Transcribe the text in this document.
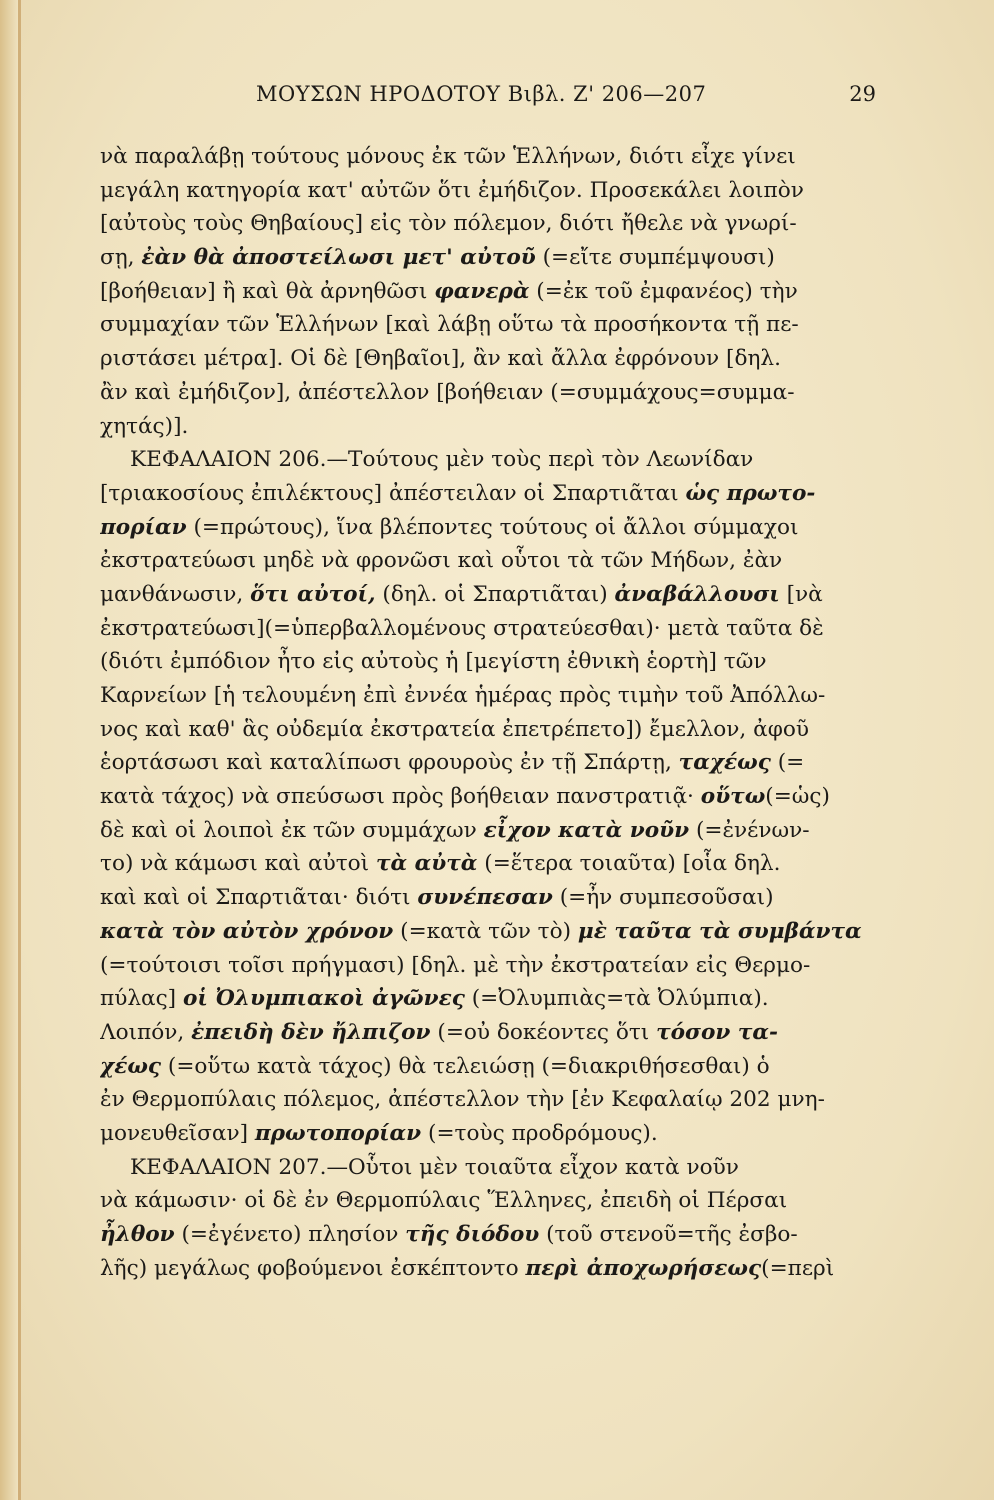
ΜΟΥΣΩΝ ΗΡΟΔΟΤΟΥ Βιβλ. Ζ' 206—207	29
νὰ παραλάβῃ τούτους μόνους ἐκ τῶν Ἑλλήνων, διότι εἶχε γίνει
μεγάλη κατηγορία κατ' αὐτῶν ὅτι ἐμήδιζον. Προσεκάλει λοιπὸν
[αὐτοὺς τοὺς Θηβαίους] εἰς τὸν πόλεμον, διότι ἤθελε νὰ γνωρί-
σῃ, ἐὰν θὰ ἀποστείλωσι μετ' αὐτοῦ (=εἴτε συμπέμψουσι)
[βοήθειαν] ἢ καὶ θὰ ἀρνηθῶσι φανερὰ (=ἐκ τοῦ ἐμφανέος) τὴν
συμμαχίαν τῶν Ἑλλήνων [καὶ λάβῃ οὕτω τὰ προσήκοντα τῇ πε-
ριστάσει μέτρα]. Οἱ δὲ [Θηβαῖοι], ἂν καὶ ἄλλα ἐφρόνουν [δηλ.
ἂν καὶ ἐμήδιζον], ἀπέστελλον [βοήθειαν (=συμμάχους=συμμα-
χητάς)].
ΚΕΦΑΛΑΙΟΝ 206.—Τούτους μὲν τοὺς περὶ τὸν Λεωνίδαν
[τριακοσίους ἐπιλέκτους] ἀπέστειλαν οἱ Σπαρτιᾶται ὡς πρωτο-
πορίαν (=πρώτους), ἵνα βλέποντες τούτους οἱ ἄλλοι σύμμαχοι
ἐκστρατεύωσι μηδὲ νὰ φρονῶσι καὶ οὗτοι τὰ τῶν Μήδων, ἐὰν
μανθάνωσιν, ὅτι αὐτοί, (δηλ. οἱ Σπαρτιᾶται) ἀναβάλλουσι [νὰ
ἐκστρατεύωσι](=ὑπερβαλλομένους στρατεύεσθαι)· μετὰ ταῦτα δὲ
(διότι ἐμπόδιον ἦτο εἰς αὐτοὺς ἡ [μεγίστη ἐθνικὴ ἑορτὴ] τῶν
Καρνείων [ἡ τελουμένη ἐπὶ ἐννέα ἡμέρας πρὸς τιμὴν τοῦ Ἀπόλλω-
νος καὶ καθ' ἃς οὐδεμία ἐκστρατεία ἐπετρέπετο]) ἔμελλον, ἀφοῦ
ἑορτάσωσι καὶ καταλίπωσι φρουροὺς ἐν τῇ Σπάρτῃ, ταχέως (=
κατὰ τάχος) νὰ σπεύσωσι πρὸς βοήθειαν πανστρατιᾷ· οὕτω(=ὡς)
δὲ καὶ οἱ λοιποὶ ἐκ τῶν συμμάχων εἶχον κατὰ νοῦν (=ἐνένων-
το) νὰ κάμωσι καὶ αὐτοὶ τὰ αὐτὰ (=ἕτερα τοιαῦτα) [οἷα δηλ.
καὶ καὶ οἱ Σπαρτιᾶται· διότι συνέπεσαν (=ἦν συμπεσοῦσαι)
κατὰ τὸν αὐτὸν χρόνον (=κατὰ τῶν τὸ) μὲ ταῦτα τὰ συμβάντα
(=τούτοισι τοῖσι πρήγμασι) [δηλ. μὲ τὴν ἐκστρατείαν εἰς Θερμο-
πύλας] οἱ Ὀλυμπιακοὶ ἀγῶνες (=Ὀλυμπιὰς=τὰ Ὀλύμπια).
Λοιπόν, ἐπειδὴ δὲν ἤλπιζον (=οὐ δοκέοντες ὅτι τόσον τα-
χέως (=οὕτω κατὰ τάχος) θὰ τελειώσῃ (=διακριθήσεσθαι) ὁ
ἐν Θερμοπύλαις πόλεμος, ἀπέστελλον τὴν [ἐν Κεφαλαίῳ 202 μνη-
μονευθεῖσαν] πρωτοπορίαν (=τοὺς προδρόμους).
ΚΕΦΑΛΑΙΟΝ 207.—Οὗτοι μὲν τοιαῦτα εἶχον κατὰ νοῦν
νὰ κάμωσιν· οἱ δὲ ἐν Θερμοπύλαις Ἕλληνες, ἐπειδὴ οἱ Πέρσαι
ἦλθον (=ἐγένετο) πλησίον τῆς διόδου (τοῦ στενοῦ=τῆς ἐσβο-
λῆς) μεγάλως φοβούμενοι ἐσκέπτοντο περὶ ἀποχωρήσεως(=περὶ
